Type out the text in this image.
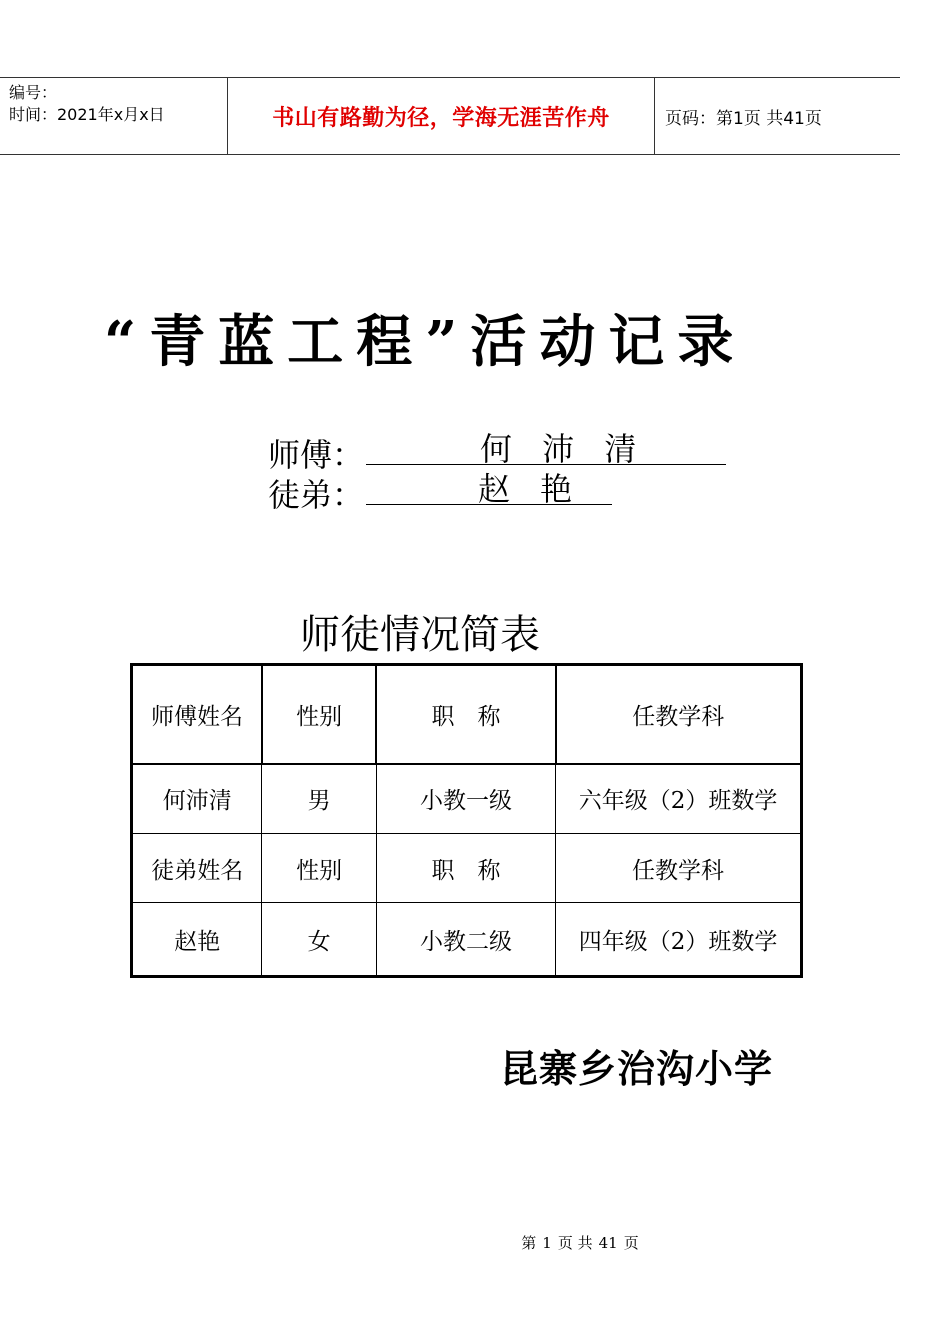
编号：
时间：2021年x月x日	书山有路勤为径，学海无涯苦作舟	页码：第1页 共41页
“青蓝工程”活动记录
师傅：	何 沛 清
徒弟：	赵 艳
师徒情况简表
师傅姓名	性别	职　称	任教学科
何沛清	男	小教一级	六年级（2）班数学
徒弟姓名	性别	职　称	任教学科
赵艳	女	小教二级	四年级（2）班数学
昆寨乡治沟小学
第 1 页 共 41 页
